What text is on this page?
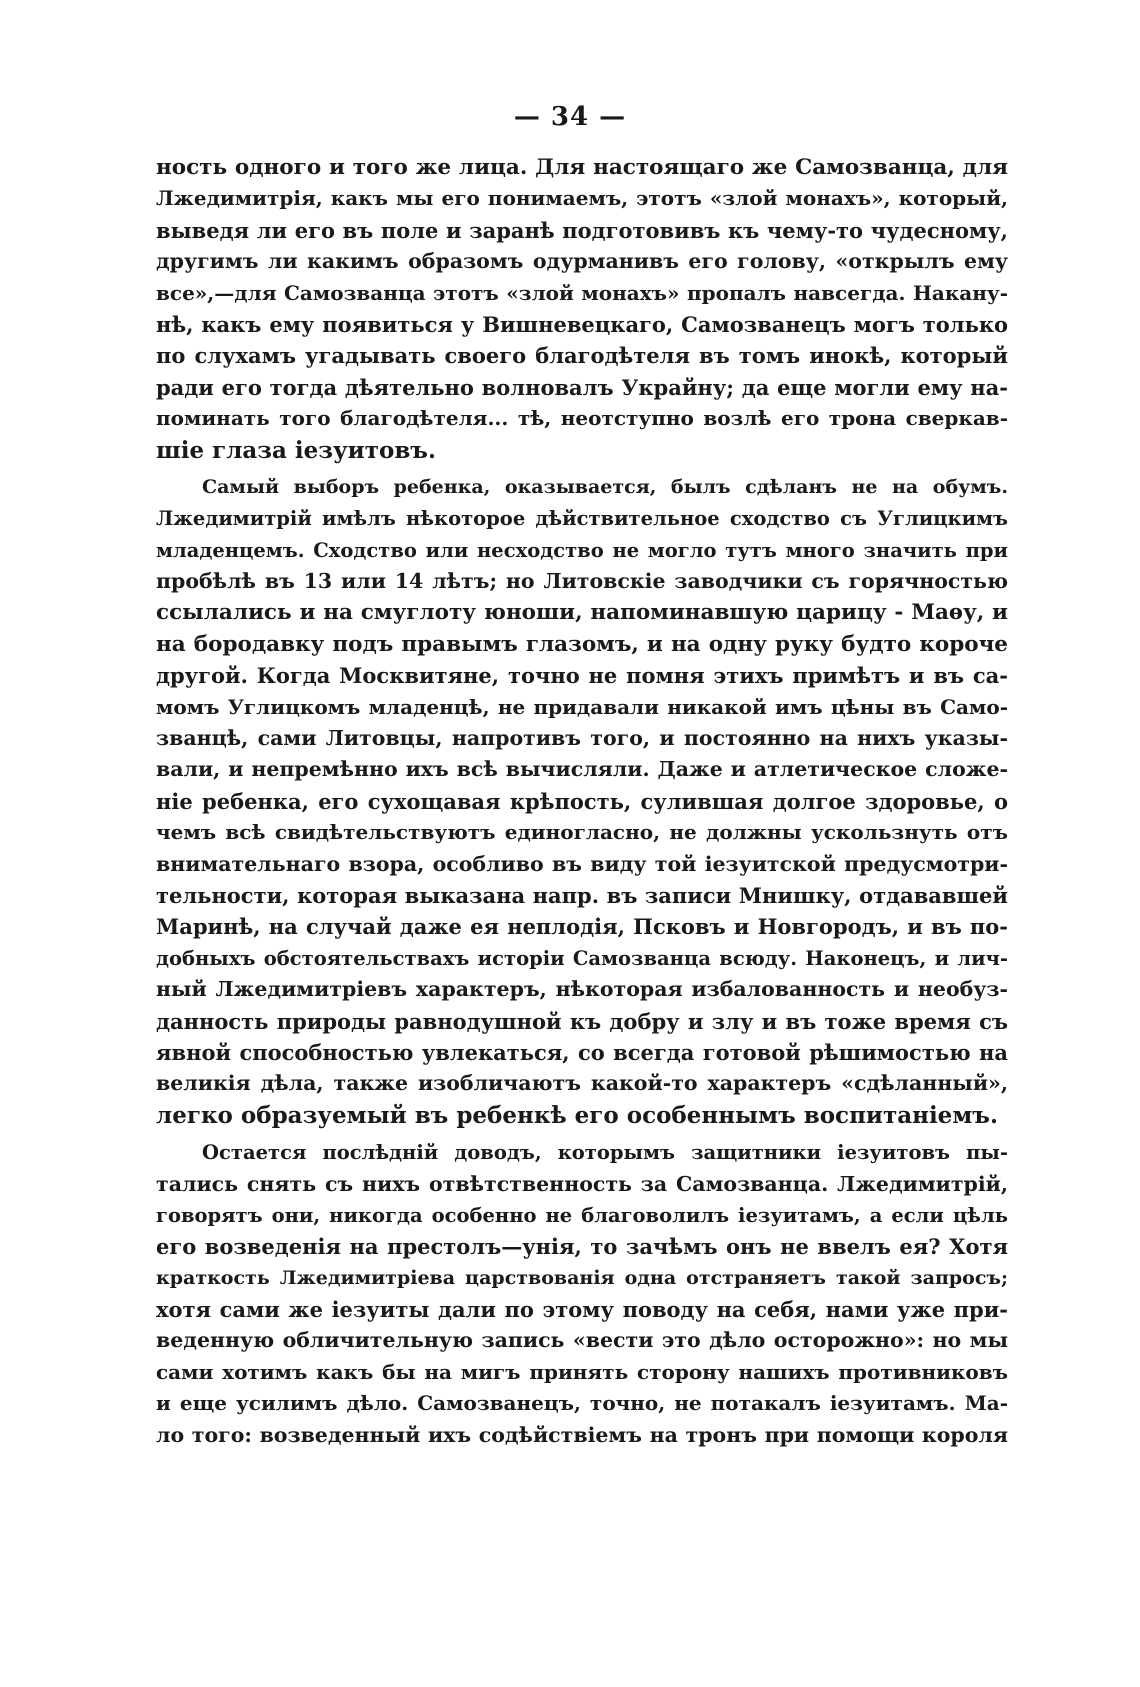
— 34 —
ность одного и того же лица. Для настоящаго же Самозванца, для
Лжедимитрія, какъ мы его понимаемъ, этотъ «злой монахъ», который,
выведя ли его въ поле и заранѣ подготовивъ къ чему-то чудесному,
другимъ ли какимъ образомъ одурманивъ его голову, «открылъ ему
все»,—для Самозванца этотъ «злой монахъ» пропалъ навсегда. Накану-
нѣ, какъ ему появиться у Вишневецкаго, Самозванецъ могъ только
по слухамъ угадывать своего благодѣтеля въ томъ инокѣ, который
ради его тогда дѣятельно волновалъ Украйну; да еще могли ему на-
поминать того благодѣтеля... тѣ, неотступно возлѣ его трона сверкав-
шіе глаза іезуитовъ.
Самый выборъ ребенка, оказывается, былъ сдѣланъ не на обумъ.
Лжедимитрій имѣлъ нѣкоторое дѣйствительное сходство съ Углицкимъ
младенцемъ. Сходство или несходство не могло тутъ много значить при
пробѣлѣ въ 13 или 14 лѣтъ; но Литовскіе заводчики съ горячностью
ссылались и на смуглоту юноши, напоминавшую царицу - Маѳу, и
на бородавку подъ правымъ глазомъ, и на одну руку будто короче
другой. Когда Москвитяне, точно не помня этихъ примѣтъ и въ са-
момъ Углицкомъ младенцѣ, не придавали никакой имъ цѣны въ Само-
званцѣ, сами Литовцы, напротивъ того, и постоянно на нихъ указы-
вали, и непремѣнно ихъ всѣ вычисляли. Даже и атлетическое сложе-
ніе ребенка, его сухощавая крѣпость, сулившая долгое здоровье, о
чемъ всѣ свидѣтельствуютъ единогласно, не должны ускользнуть отъ
внимательнаго взора, особливо въ виду той іезуитской предусмотри-
тельности, которая выказана напр. въ записи Мнишку, отдававшей
Маринѣ, на случай даже ея неплодія, Псковъ и Новгородъ, и въ по-
добныхъ обстоятельствахъ исторіи Самозванца всюду. Наконецъ, и лич-
ный Лжедимитріевъ характеръ, нѣкоторая избалованность и необуз-
данность природы равнодушной къ добру и злу и въ тоже время съ
явной способностью увлекаться, со всегда готовой рѣшимостью на
великія дѣла, также изобличаютъ какой-то характеръ «сдѣланный»,
легко образуемый въ ребенкѣ его особеннымъ воспитаніемъ.
Остается послѣдній доводъ, которымъ защитники іезуитовъ пы-
тались снять съ нихъ отвѣтственность за Самозванца. Лжедимитрій,
говорятъ они, никогда особенно не благоволилъ іезуитамъ, а если цѣль
его возведенія на престолъ—унія, то зачѣмъ онъ не ввелъ ея? Хотя
краткость Лжедимитріева царствованія одна отстраняетъ такой запросъ;
хотя сами же іезуиты дали по этому поводу на себя, нами уже при-
веденную обличительную запись «вести это дѣло осторожно»: но мы
сами хотимъ какъ бы на мигъ принять сторону нашихъ противниковъ
и еще усилимъ дѣло. Самозванецъ, точно, не потакалъ іезуитамъ. Ма-
ло того: возведенный ихъ содѣйствіемъ на тронъ при помощи короля
